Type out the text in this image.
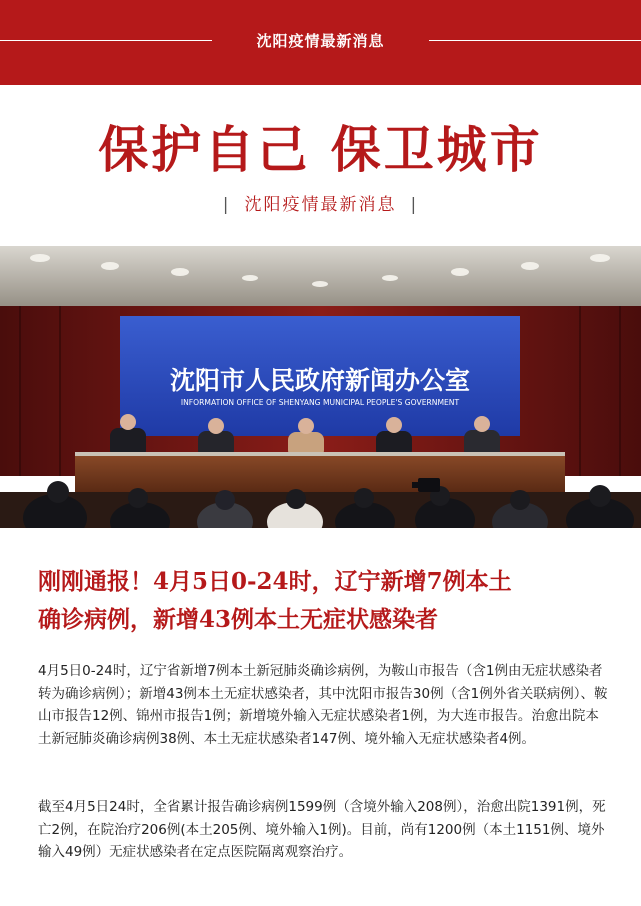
沈阳疫情最新消息
保护自己 保卫城市
| 沈阳疫情最新消息 |
沈阳市人民政府新闻办公室
INFORMATION OFFICE OF SHENYANG MUNICIPAL PEOPLE'S GOVERNMENT
刚刚通报！4月5日0-24时，辽宁新增7例本土
确诊病例，新增43例本土无症状感染者

4月5日0-24时，辽宁省新增7例本土新冠肺炎确诊病例，为鞍山市报告（含1例由无症状感染者转为确诊病例）；新增43例本土无症状感染者，其中沈阳市报告30例（含1例外省关联病例）、鞍山市报告12例、锦州市报告1例；新增境外输入无症状感染者1例，为大连市报告。治愈出院本土新冠肺炎确诊病例38例、本土无症状感染者147例、境外输入无症状感染者4例。

截至4月5日24时，全省累计报告确诊病例1599例（含境外输入208例），治愈出院1391例，死亡2例，在院治疗206例(本土205例、境外输入1例)。目前，尚有1200例（本土1151例、境外输入49例）无症状感染者在定点医院隔离观察治疗。
